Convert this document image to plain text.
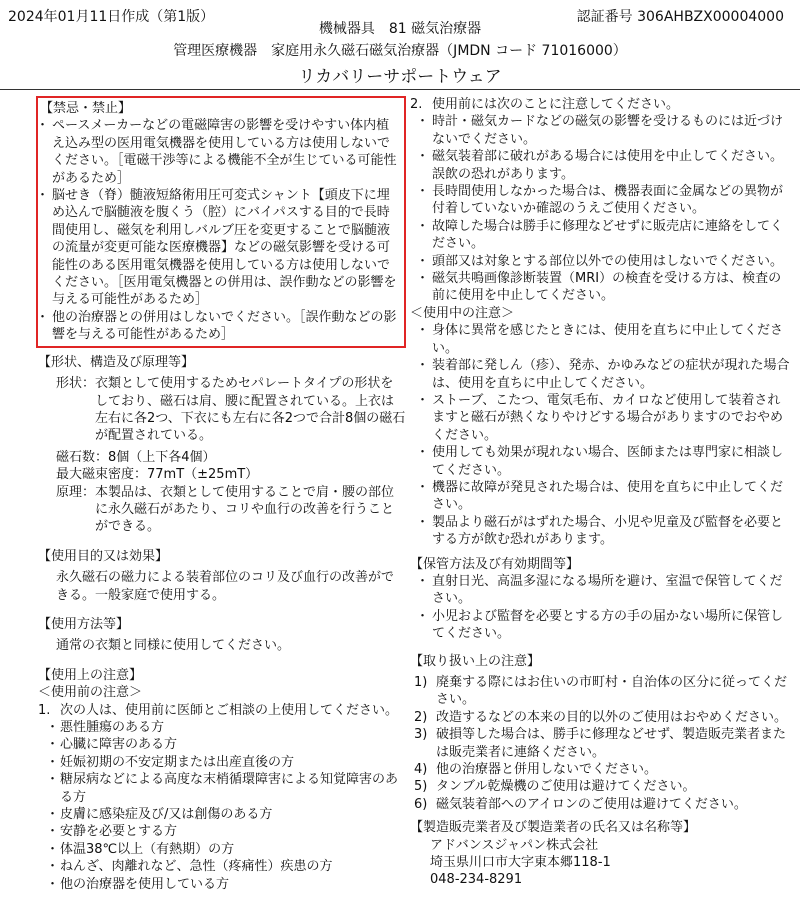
2024年01月11日作成（第1版）	認証番号 306AHBZX00004000
機械器具　81 磁気治療器
管理医療機器　家庭用永久磁石磁気治療器（JMDN コード 71016000）
リカバリーサポートウェア
【禁忌・禁止】
・ ペースメーカーなどの電磁障害の影響を受けやすい体内植え込み型の医用電気機器を使用している方は使用しないでください。［電磁干渉等による機能不全が生じている可能性があるため］
・ 脳せき（脊）髄液短絡術用圧可変式シャント【頭皮下に埋め込んで脳髄液を腹くう（腔）にバイパスする目的で長時間使用し、磁気を利用しバルブ圧を変更することで脳髄液の流量が変更可能な医療機器】などの磁気影響を受ける可能性のある医用電気機器を使用している方は使用しないでください。［医用電気機器との併用は、誤作動などの影響を与える可能性があるため］
・ 他の治療器との併用はしないでください。［誤作動などの影響を与える可能性があるため］
【形状、構造及び原理等】
形状： 衣類として使用するためセパレートタイプの形状をしており、磁石は肩、腰に配置されている。上衣は左右に各2つ、下衣にも左右に各2つで合計8個の磁石が配置されている。
磁石数：8個（上下各4個）
最大磁束密度：77mT（±25mT）
原理： 本製品は、衣類として使用することで肩・腰の部位に永久磁石があたり、コリや血行の改善を行うことができる。
【使用目的又は効果】
永久磁石の磁力による装着部位のコリ及び血行の改善ができる。一般家庭で使用する。
【使用方法等】
通常の衣類と同様に使用してください。
【使用上の注意】
＜使用前の注意＞
1. 次の人は、使用前に医師とご相談の上使用してください。
・ 悪性腫瘍のある方
・ 心臓に障害のある方
・ 妊娠初期の不安定期または出産直後の方
・ 糖尿病などによる高度な末梢循環障害による知覚障害のある方
・ 皮膚に感染症及び/又は創傷のある方
・ 安静を必要とする方
・ 体温38℃以上（有熱期）の方
・ ねんざ、肉離れなど、急性（疼痛性）疾患の方
・ 他の治療器を使用している方
2. 使用前には次のことに注意してください。
・ 時計・磁気カードなどの磁気の影響を受けるものには近づけないでください。
・ 磁気装着部に破れがある場合には使用を中止してください。誤飲の恐れがあります。
・ 長時間使用しなかった場合は、機器表面に金属などの異物が付着していないか確認のうえご使用ください。
・ 故障した場合は勝手に修理などせずに販売店に連絡をしてください。
・ 頭部又は対象とする部位以外での使用はしないでください。
・ 磁気共鳴画像診断装置（MRI）の検査を受ける方は、検査の前に使用を中止してください。
＜使用中の注意＞
・ 身体に異常を感じたときには、使用を直ちに中止してください。
・ 装着部に発しん（疹）、発赤、かゆみなどの症状が現れた場合は、使用を直ちに中止してください。
・ ストーブ、こたつ、電気毛布、カイロなど使用して装着されますと磁石が熱くなりやけどする場合がありますのでおやめください。
・ 使用しても効果が現れない場合、医師または専門家に相談してください。
・ 機器に故障が発見された場合は、使用を直ちに中止してください。
・ 製品より磁石がはずれた場合、小児や児童及び監督を必要とする方が飲む恐れがあります。
【保管方法及び有効期間等】
・ 直射日光、高温多湿になる場所を避け、室温で保管してください。
・ 小児および監督を必要とする方の手の届かない場所に保管してください。
【取り扱い上の注意】
1) 廃棄する際にはお住いの市町村・自治体の区分に従ってください。
2) 改造するなどの本来の目的以外のご使用はおやめください。
3) 破損等した場合は、勝手に修理などせず、製造販売業者または販売業者に連絡ください。
4) 他の治療器と併用しないでください。
5) タンブル乾燥機のご使用は避けてください。
6) 磁気装着部へのアイロンのご使用は避けてください。
【製造販売業者及び製造業者の氏名又は名称等】
アドバンスジャパン株式会社
埼玉県川口市大字東本郷118-1
048-234-8291
